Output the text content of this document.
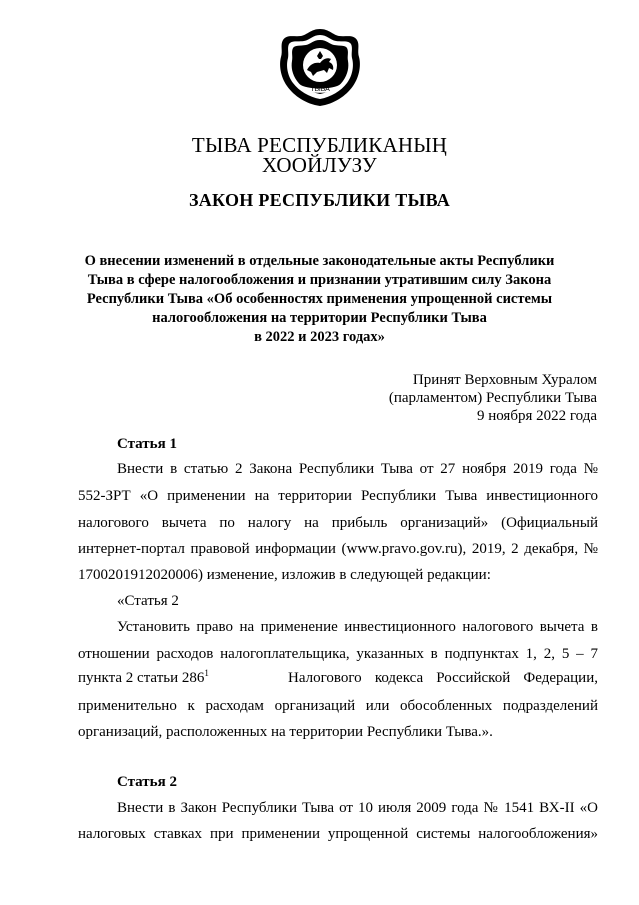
ТЫВА
ТЫВА РЕСПУБЛИКАНЫҢ
ХООЙЛУЗУ
ЗАКОН РЕСПУБЛИКИ ТЫВА
О внесении изменений в отдельные законодательные акты Республики
Тыва в сфере налогообложения и признании утратившим силу Закона
Республики Тыва «Об особенностях применения упрощенной системы
налогообложения на территории Республики Тыва
в 2022 и 2023 годах»
Принят Верховным Хуралом
(парламентом) Республики Тыва
9 ноября 2022 года
Статья 1
Внести в статью 2 Закона Республики Тыва от 27 ноября 2019 года №
552-ЗРТ «О применении на территории Республики Тыва инвестиционного
налогового вычета по налогу на прибыль организаций» (Официальный
интернет-портал правовой информации (www.pravo.gov.ru), 2019, 2 декабря, №
1700201912020006) изменение, изложив в следующей редакции:
«Статья 2
Установить право на применение инвестиционного налогового вычета в
отношении расходов налогоплательщика, указанных в подпунктах 1, 2, 5 – 7
пункта 2 статьи $286^1$	Налогового кодекса Российской Федерации,
применительно к расходам организаций или обособленных подразделений
организаций, расположенных на территории Республики Тыва.».
Статья 2
Внести в Закон Республики Тыва от 10 июля 2009 года № 1541 ВХ-II «О
налоговых ставках при применении упрощенной системы налогообложения»
